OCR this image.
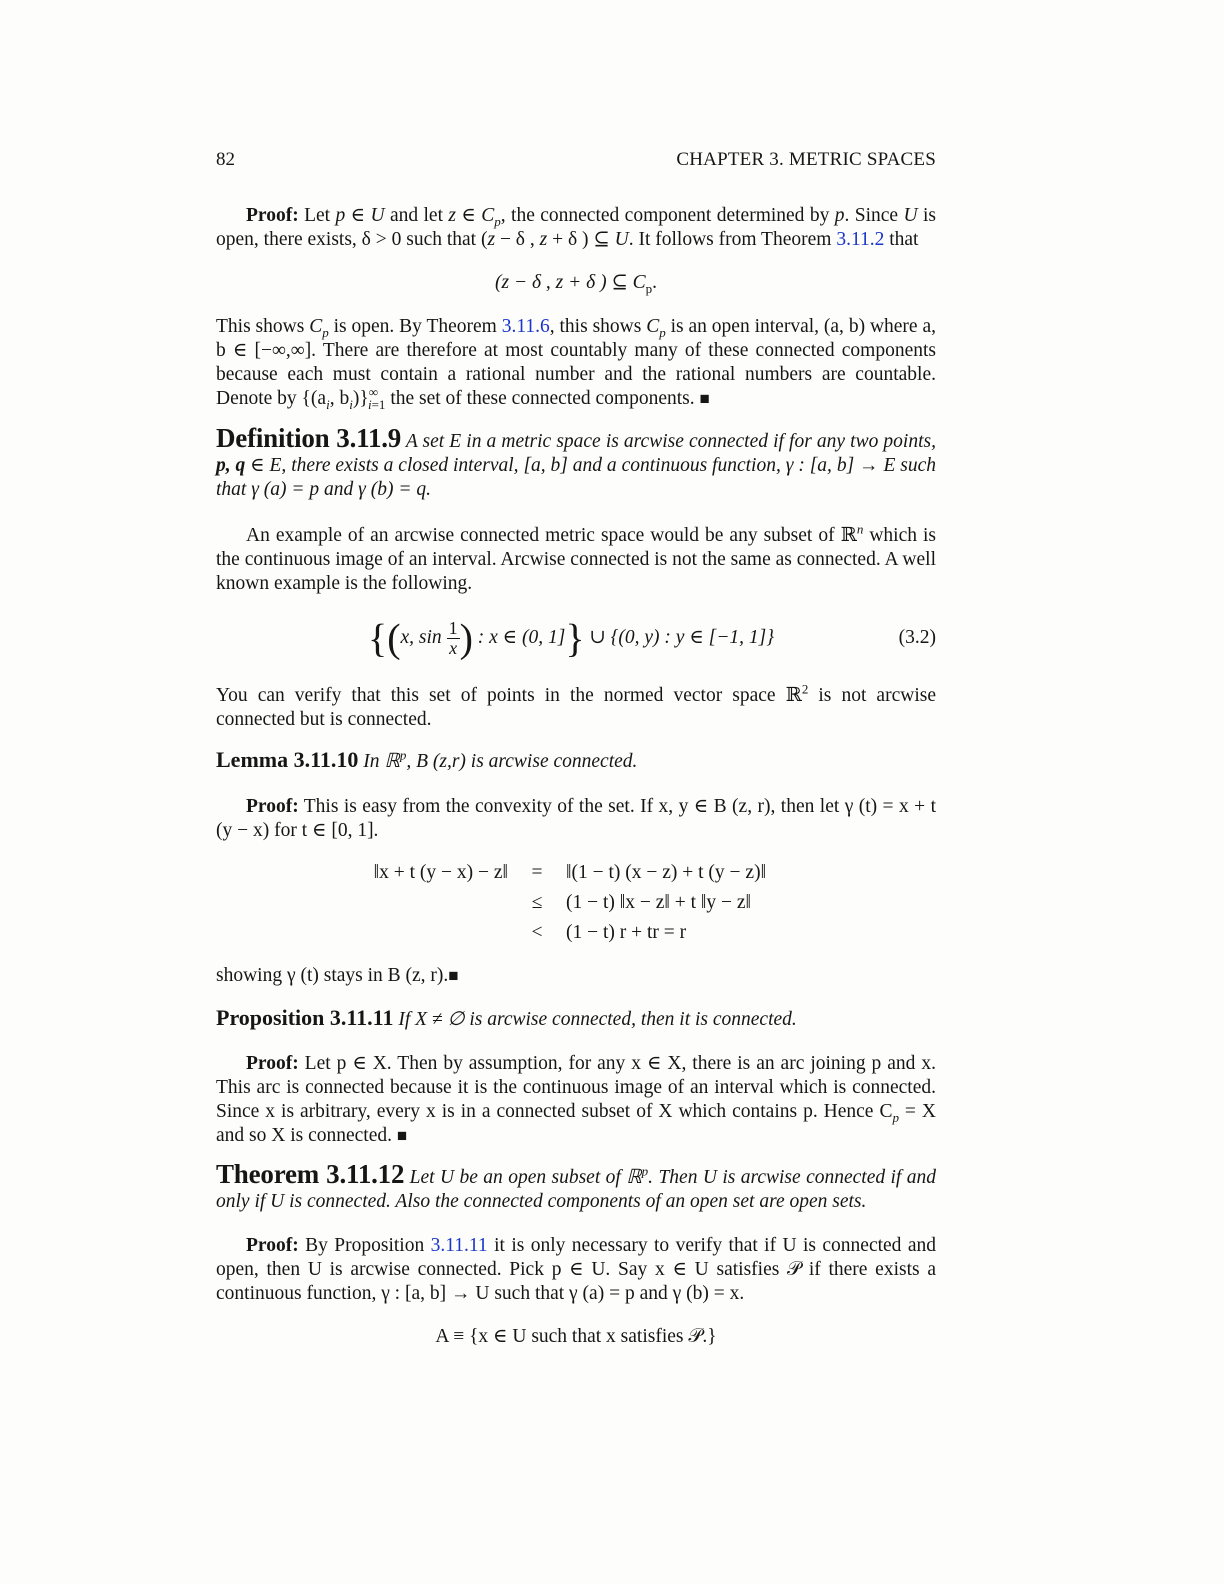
82	CHAPTER 3. METRIC SPACES

Proof: Let p ∈ U and let z ∈ $C_p$, the connected component determined by p. Since U is open, there exists, δ > 0 such that (z − δ , z + δ ) ⊆ U. It follows from Theorem 3.11.2 that

(z − δ , z + δ ) ⊆ $C_p$.

This shows $C_p$ is open. By Theorem 3.11.6, this shows $C_p$ is an open interval, (a, b) where a, b ∈ [−∞,∞]. There are therefore at most countably many of these connected components because each must contain a rational number and the rational numbers are countable. Denote by {($a_i$, $b_i)\}^\infty_{i=1}$ the set of these connected components. ■

Definition 3.11.9 A set E in a metric space is arcwise connected if for any two points, p, q ∈ E, there exists a closed interval, [a, b] and a continuous function, γ : [a, b] → E such that γ (a) = p and γ (b) = q.

An example of an arcwise connected metric space would be any subset of ℝ$^n$ which is the continuous image of an interval. Arcwise connected is not the same as connected. A well known example is the following.

{(x, $\sin \frac{1}{x}$) : x ∈ (0, 1]} ∪ {(0, y) : y ∈ [−1, 1]}	(3.2)

You can verify that this set of points in the normed vector space ℝ$^2$ is not arcwise connected but is connected.

Lemma 3.11.10 In ℝ$^p$, B (z,r) is arcwise connected.

Proof: This is easy from the convexity of the set. If x, y ∈ B (z, r), then let γ (t) = x + t (y − x) for t ∈ [0, 1].

‖x + t (y − x) − z‖	=	‖(1 − t) (x − z) + t (y − z)‖
	≤	(1 − t) ‖x − z‖ + t ‖y − z‖
	<	(1 − t) r + tr = r

showing γ (t) stays in B (z, r).■

Proposition 3.11.11 If X ≠ ∅ is arcwise connected, then it is connected.

Proof: Let p ∈ X. Then by assumption, for any x ∈ X, there is an arc joining p and x. This arc is connected because it is the continuous image of an interval which is connected. Since x is arbitrary, every x is in a connected subset of X which contains p. Hence $C_p = X$ and so X is connected. ■

Theorem 3.11.12 Let U be an open subset of ℝ$^p$. Then U is arcwise connected if and only if U is connected. Also the connected components of an open set are open sets.

Proof: By Proposition 3.11.11 it is only necessary to verify that if U is connected and open, then U is arcwise connected. Pick p ∈ U. Say x ∈ U satisfies 𝒫 if there exists a continuous function, γ : [a, b] → U such that γ (a) = p and γ (b) = x.

A ≡ {x ∈ U such that x satisfies 𝒫.}
